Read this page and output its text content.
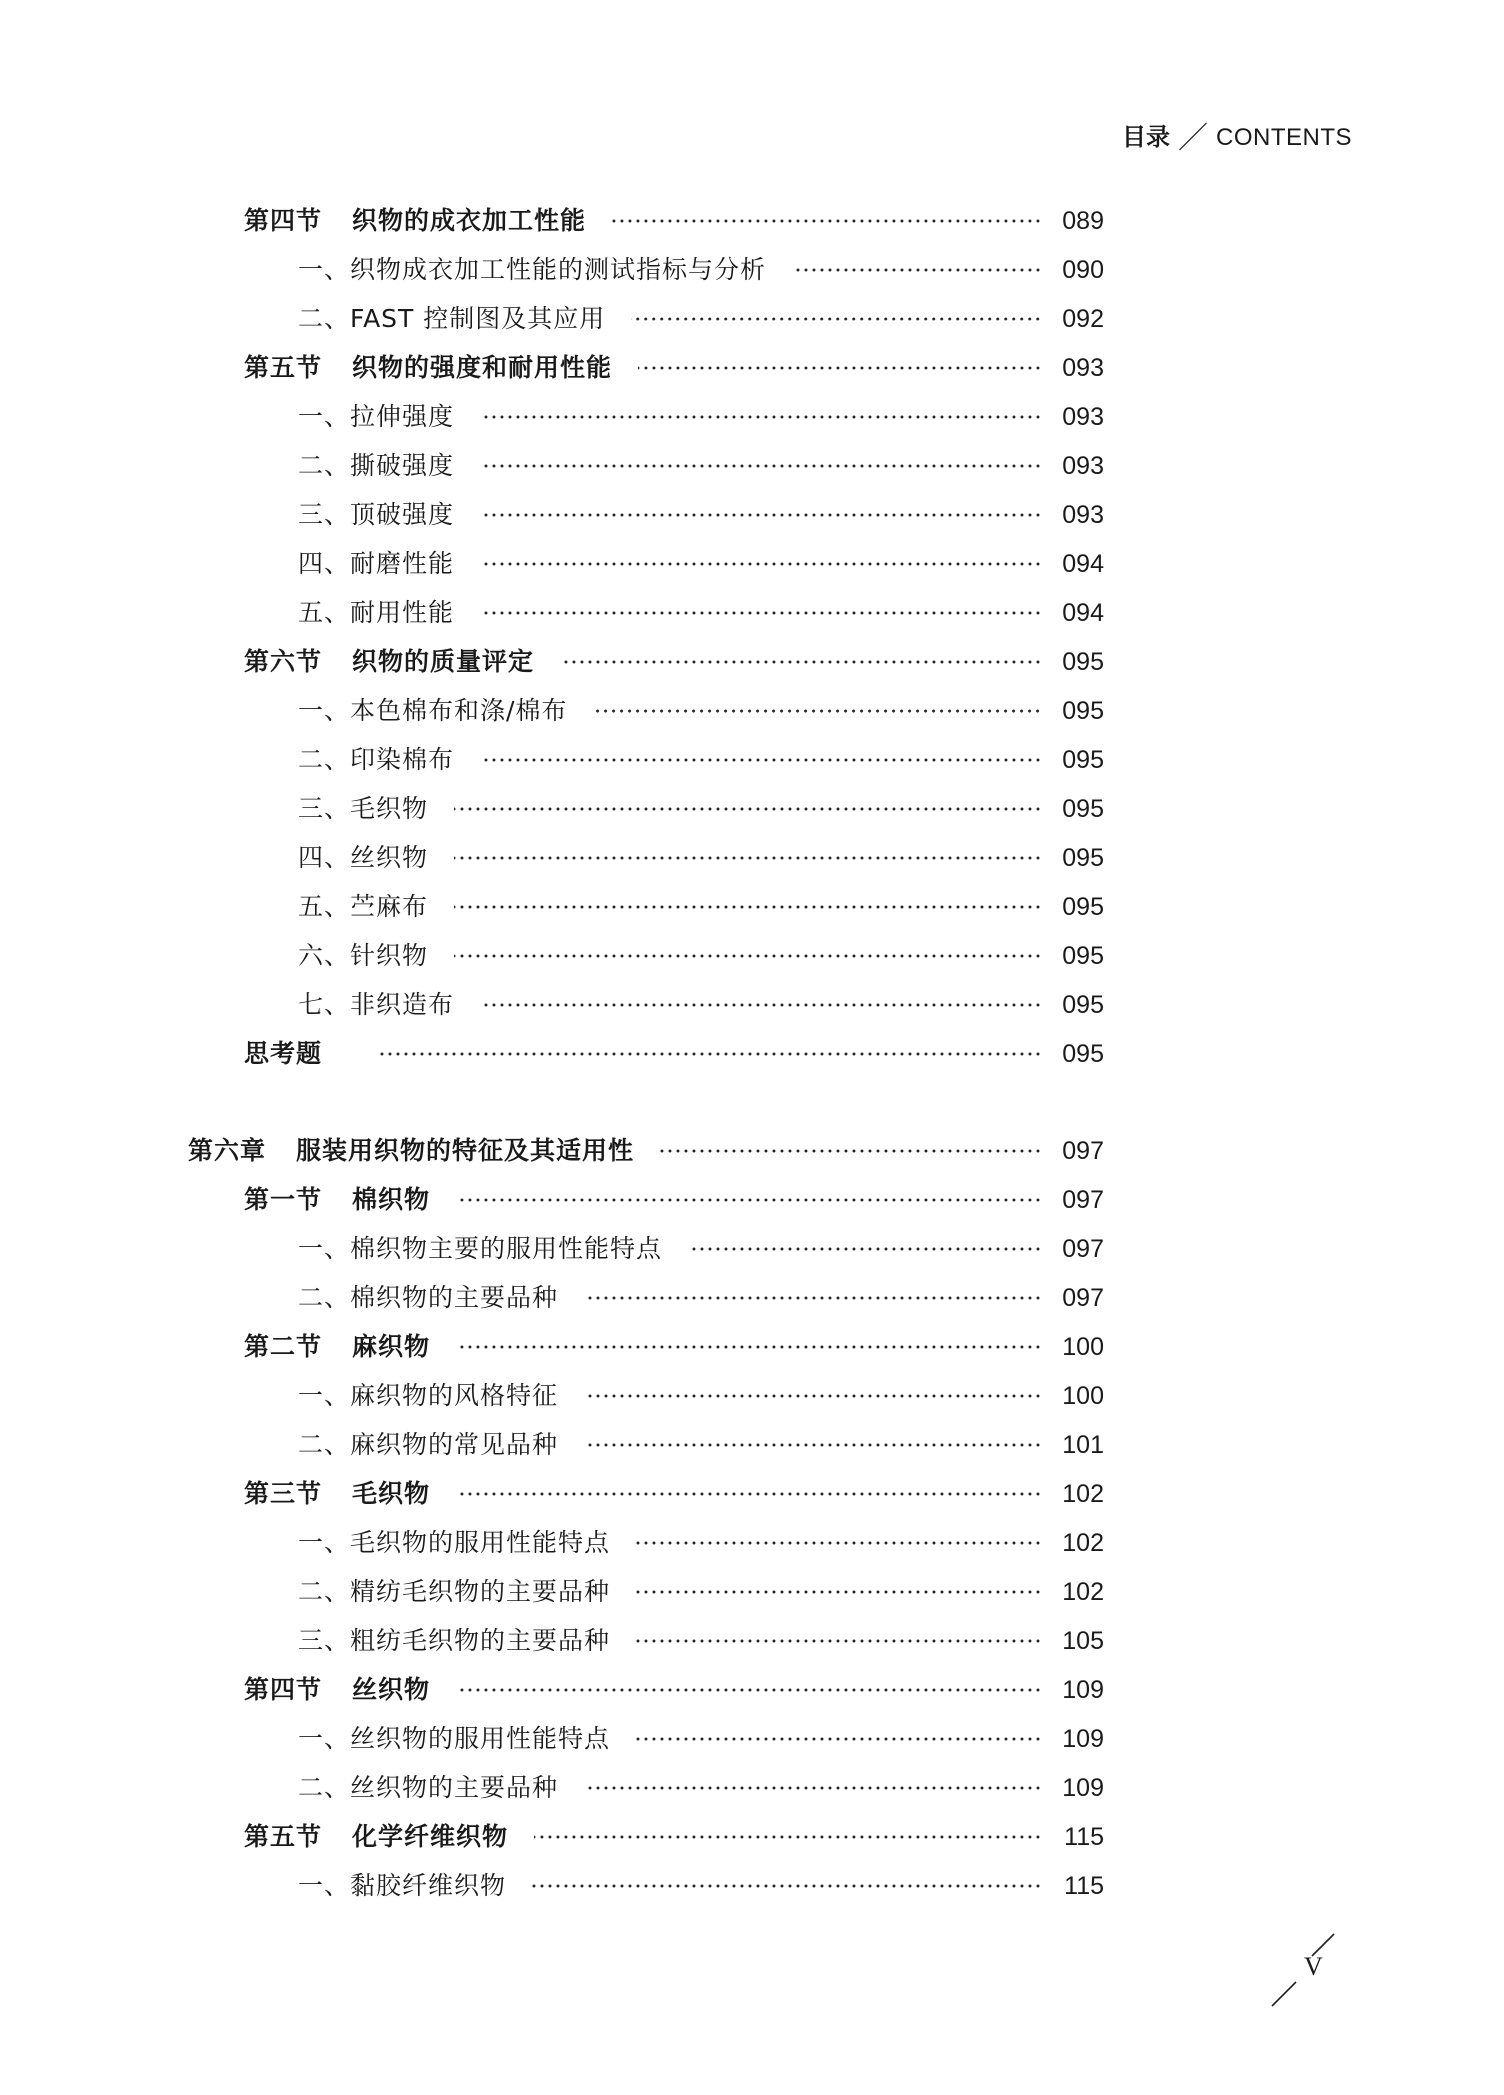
目录 ／ CONTENTS
第四节 织物的成衣加工性能	089
一、织物成衣加工性能的测试指标与分析	090
二、FAST 控制图及其应用	092
第五节 织物的强度和耐用性能	093
一、拉伸强度	093
二、撕破强度	093
三、顶破强度	093
四、耐磨性能	094
五、耐用性能	094
第六节 织物的质量评定	095
一、本色棉布和涤/棉布	095
二、印染棉布	095
三、毛织物	095
四、丝织物	095
五、苎麻布	095
六、针织物	095
七、非织造布	095
思考题	095
第六章 服装用织物的特征及其适用性	097
第一节 棉织物	097
一、棉织物主要的服用性能特点	097
二、棉织物的主要品种	097
第二节 麻织物	100
一、麻织物的风格特征	100
二、麻织物的常见品种	101
第三节 毛织物	102
一、毛织物的服用性能特点	102
二、精纺毛织物的主要品种	102
三、粗纺毛织物的主要品种	105
第四节 丝织物	109
一、丝织物的服用性能特点	109
二、丝织物的主要品种	109
第五节 化学纤维织物	115
一、黏胶纤维织物	115
V
